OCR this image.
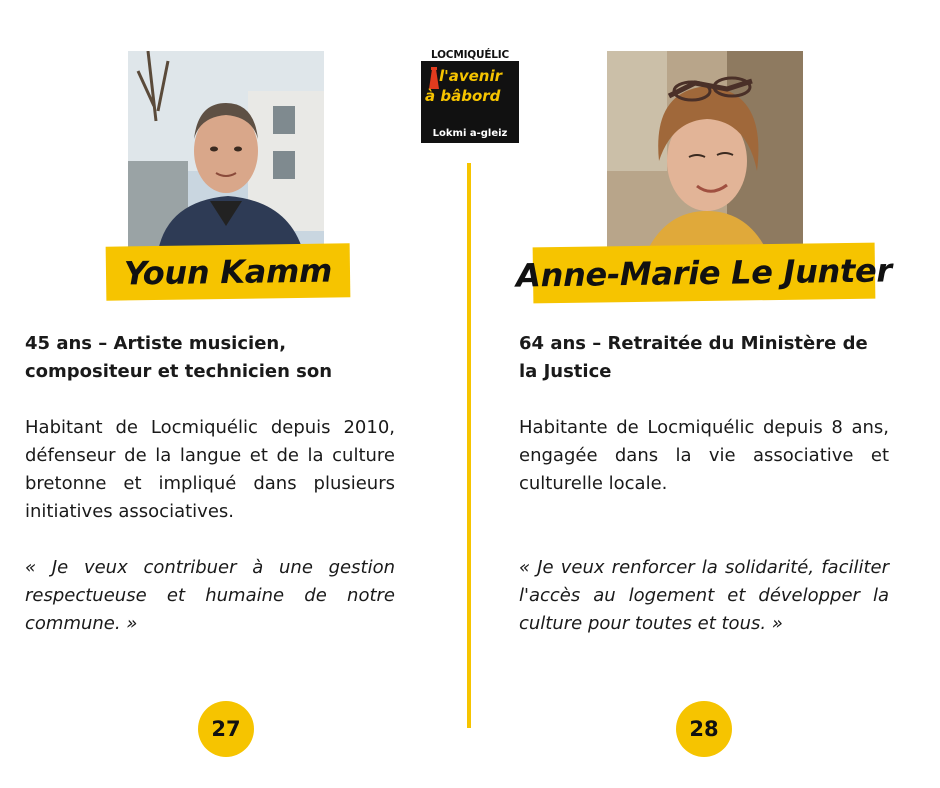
Youn Kamm	Anne-Marie Le Junter
LOCMIQUÉLIC
l'avenir
à bâbord
Lokmi a-gleiz

45 ans – Artiste musicien, compositeur et technicien son

Habitant de Locmiquélic depuis 2010, défenseur de la langue et de la culture bretonne et impliqué dans plusieurs initiatives associatives.

« Je veux contribuer à une gestion respectueuse et humaine de notre commune. »

64 ans – Retraitée du Ministère de la Justice

Habitante de Locmiquélic depuis 8 ans, engagée dans la vie associative et culturelle locale.

« Je veux renforcer la solidarité, faciliter l'accès au logement et développer la culture pour toutes et tous. »

27	28
